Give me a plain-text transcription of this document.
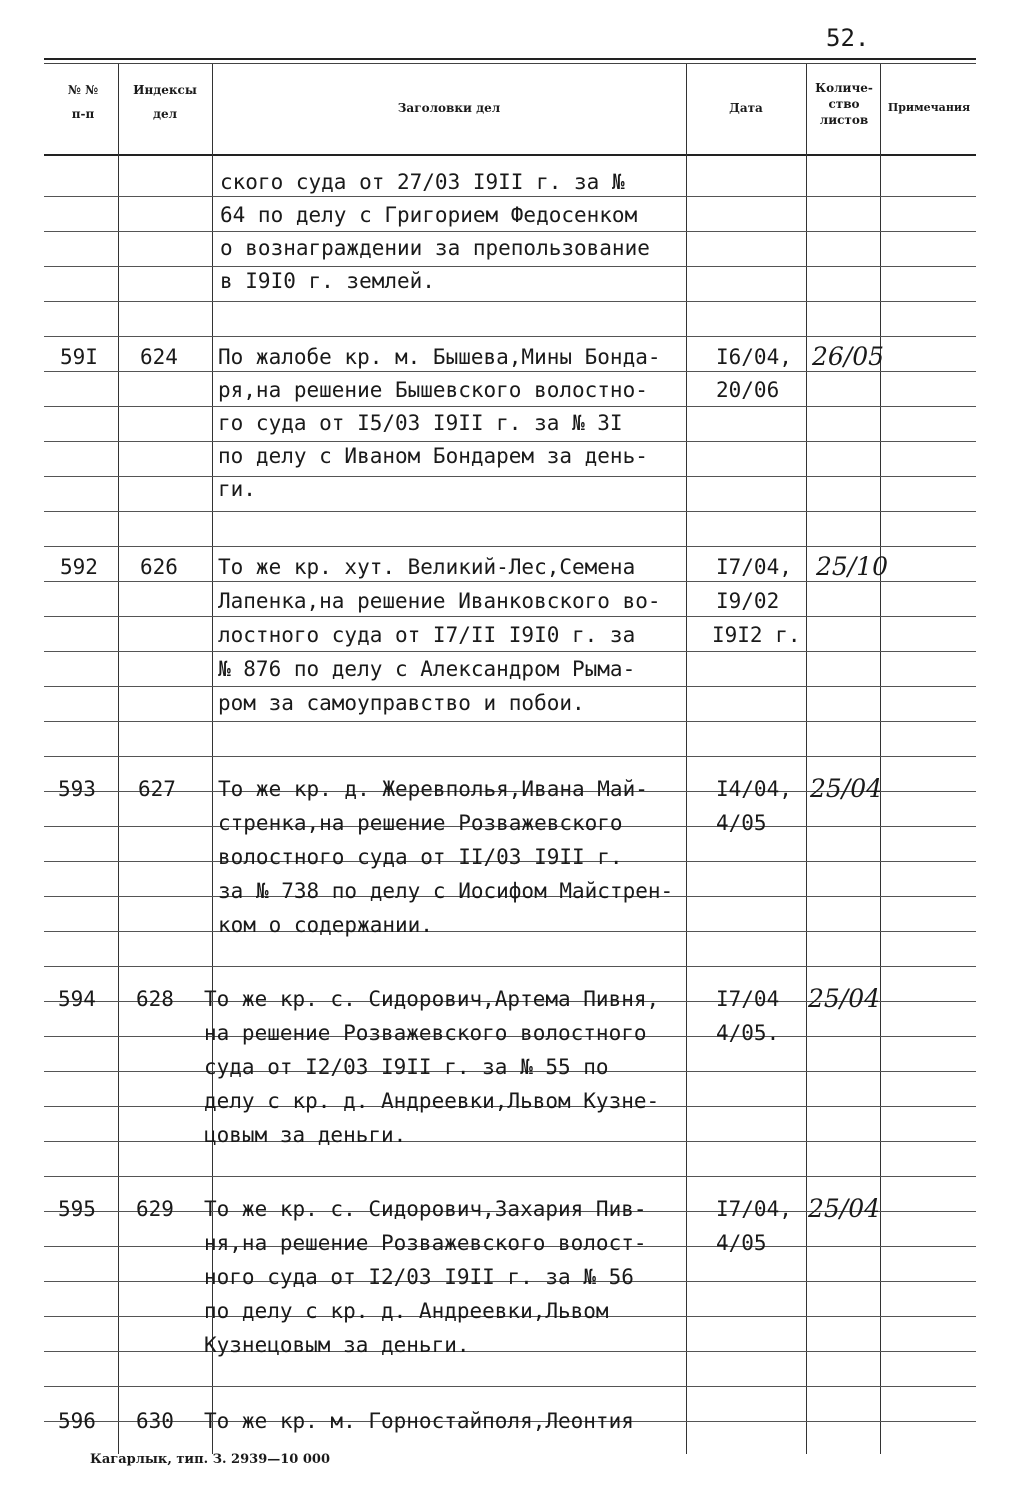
52.
№ №
п-п
Индексы
дел	Заголовки дел	Дата
Количе-
ство
листов
Примечания
ского суда от 27/03 I9II г. за №
64 по делу с Григорием Федосенком
о вознаграждении за препользование
в I9I0 г. землей.
59I 624 По жалобе кр. м. Бышева,Мины Бонда-
ря,на решение Бышевского волостно-
го суда от I5/03 I9II г. за № 3I
по делу с Иваном Бондарем за день-
ги.
I6/04,
20/06
26/05
592 626 То же кр. хут. Великий-Лес,Семена
Лапенка,на решение Иванковского во-
лостного суда от I7/II I9I0 г. за
№ 876 по делу с Александром Рыма-
ром за самоуправство и побои.
I7/04,
I9/02
I9I2 г.
25/10
593 627 То же кр. д. Жеревполья,Ивана Май-
стренка,на решение Розважевского
волостного суда от II/03 I9II г.
за № 738 по делу с Иосифом Майстрен-
ком о содержании.
I4/04,
4/05
25/04
594 628 То же кр. с. Сидорович,Артема Пивня,
на решение Розважевского волостного
суда от I2/03 I9II г. за № 55 по
делу с кр. д. Андреевки,Львом Кузне-
цовым за деньги.
I7/04
4/05.
25/04
595 629 То же кр. с. Сидорович,Захария Пив-
ня,на решение Розважевского волост-
ного суда от I2/03 I9II г. за № 56
по делу с кр. д. Андреевки,Львом
Кузнецовым за деньги.
I7/04,
4/05
25/04
596 630 То же кр. м. Горностайполя,Леонтия
Кагарлык, тип. З. 2939—10 000
